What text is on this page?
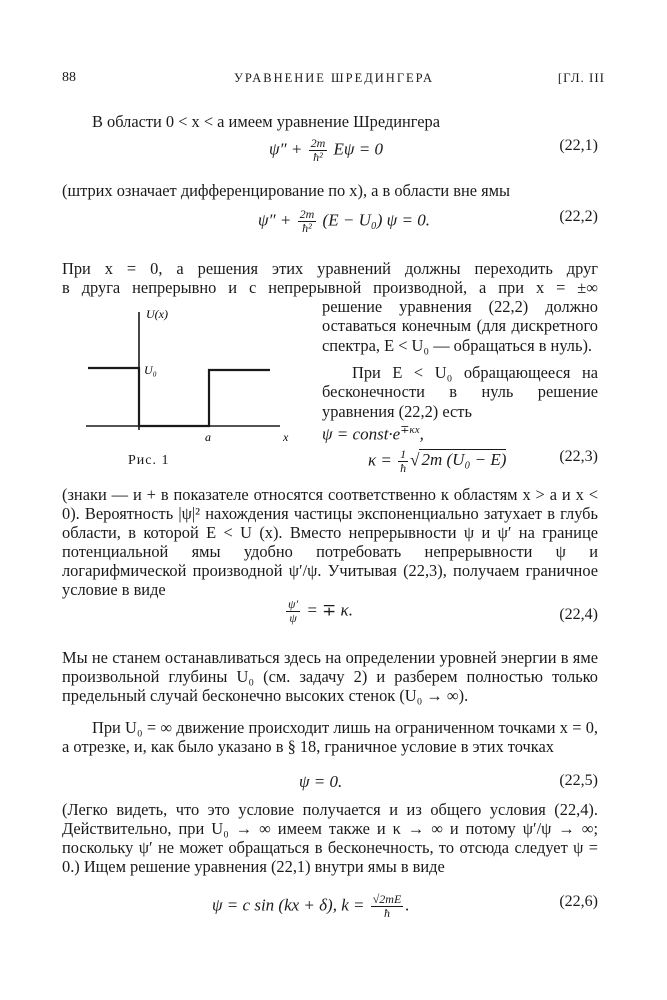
88	УРАВНЕНИЕ ШРЕДИНГЕРА	[ГЛ. III
В области 0 < x < a имеем уравнение Шредингера
$\psi'' + \frac{2m}{\text{ħ²}}$ Eψ = 0	(22,1)
(штрих означает дифференцирование по x), а в области вне ямы
$\psi'' + \frac{2m}{\text{ħ²}} (E - U_0) \psi = 0$.	(22,2)
При x = 0, a решения этих уравнений должны переходить друг
в друга непрерывно и с непрерывной производной, а при x = ±∞

решение уравнения (22,2) должно оставаться конечным (для дискретного спектра, E < U₀ — обращаться в нуль).

При E < U₀ обращающееся на бесконечности в нуль решение уравнения (22,2) есть

U(x)
U₀
a	x
Рис. 1
$\psi = const\cdot e^{\mp\kappa x}$,
$\kappa = \frac{1}{ħ}$ √ 2m (U₀ − E)	(22,3)

(знаки — и + в показателе относятся соответственно к областям x > a и x < 0). Вероятность |ψ|² нахождения частицы экспоненциально затухает в глубь области, в которой E < U (x). Вместо непрерывности ψ и ψ′ на границе потенциальной ямы удобно потребовать непрерывности ψ и логарифмической производной ψ′/ψ. Учитывая (22,3), получаем граничное условие в виде

$\frac{\psi'}{\psi}$ = ∓ κ.	(22,4)

Мы не станем останавливаться здесь на определении уровней энергии в яме произвольной глубины U₀ (см. задачу 2) и разберем полностью только предельный случай бесконечно высоких стенок (U₀ → ∞).

При U₀ = ∞ движение происходит лишь на ограниченном точками x = 0, a отрезке, и, как было указано в § 18, граничное условие в этих точках

ψ = 0.	(22,5)

(Легко видеть, что это условие получается и из общего условия (22,4). Действительно, при U₀ → ∞ имеем также и κ → ∞ и потому ψ′/ψ → ∞; поскольку ψ′ не может обращаться в бесконечность, то отсюда следует ψ = 0.) Ищем решение уравнения (22,1) внутри ямы в виде

ψ = c sin (kx + δ), $k = \frac{√2mE}{ħ}$ .	(22,6)
